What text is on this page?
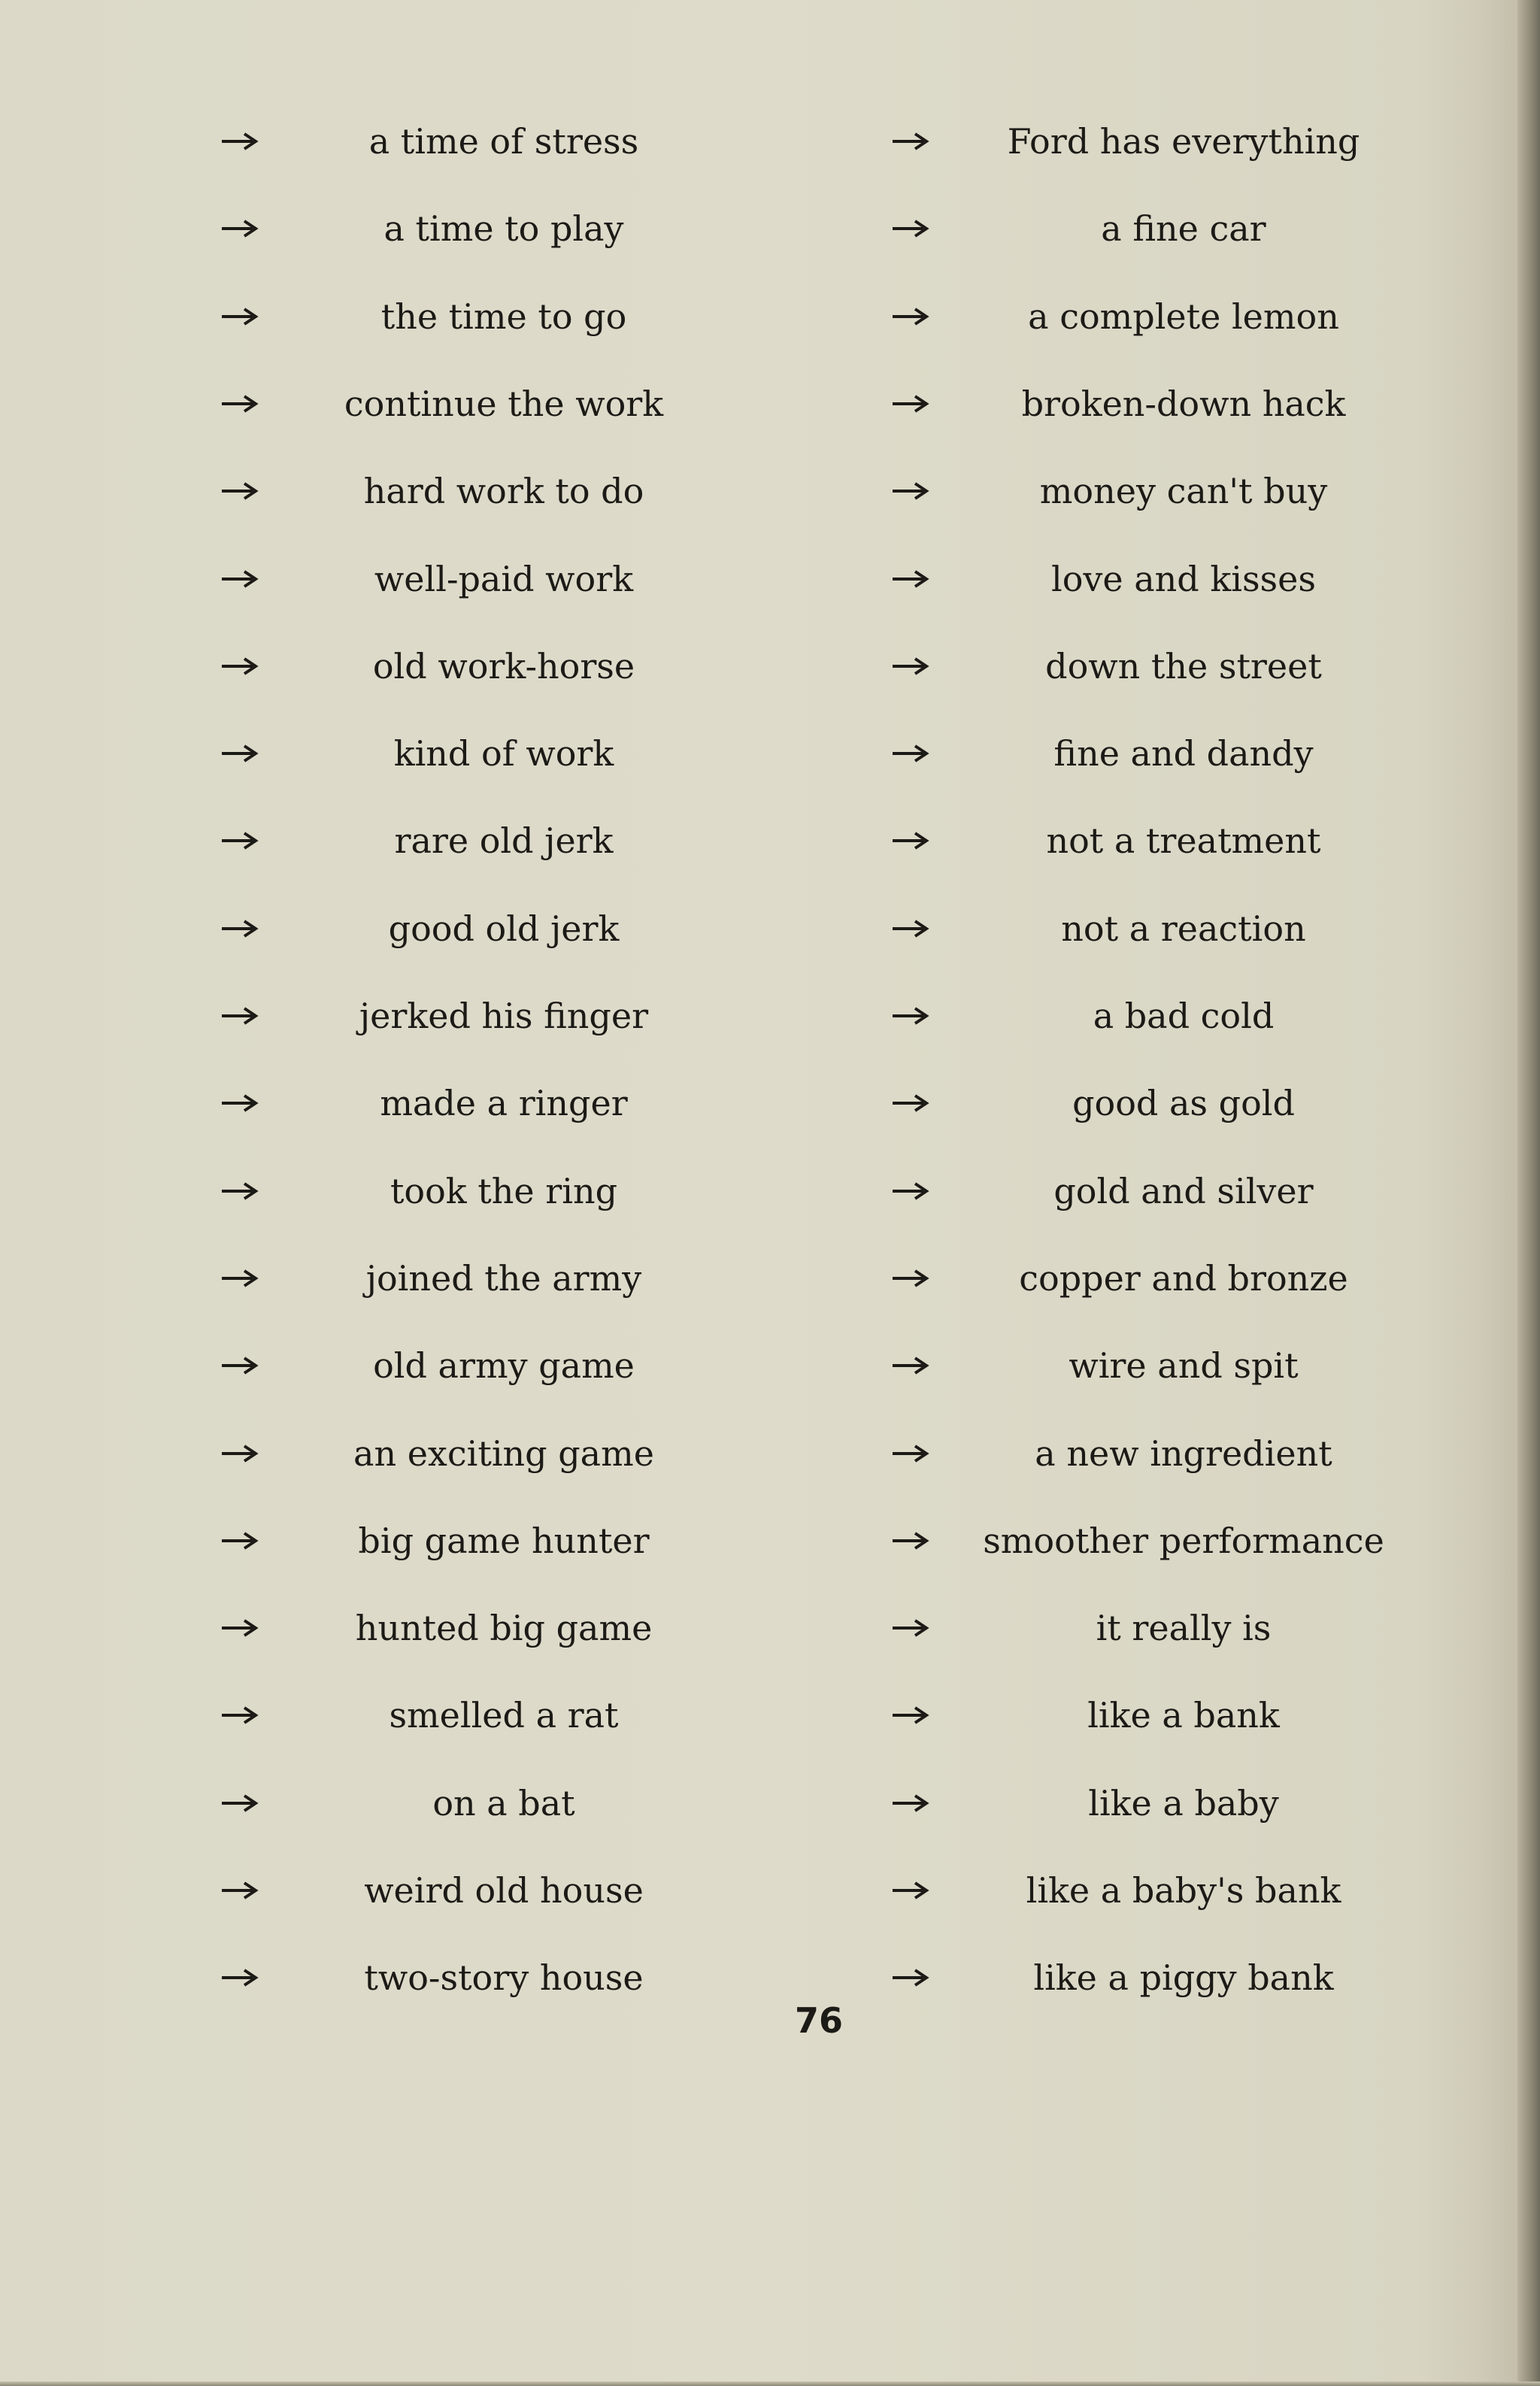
a time of stress
a time to play
the time to go
continue the work
hard work to do
well-paid work
old work-horse
kind of work
rare old jerk
good old jerk
jerked his finger
made a ringer
took the ring
joined the army
old army game
an exciting game
big game hunter
hunted big game
smelled a rat
on a bat
weird old house
two-story house
Ford has everything
a fine car
a complete lemon
broken-down hack
money can't buy
love and kisses
down the street
fine and dandy
not a treatment
not a reaction
a bad cold
good as gold
gold and silver
copper and bronze
wire and spit
a new ingredient
smoother performance
it really is
like a bank
like a baby
like a baby's bank
like a piggy bank
76
